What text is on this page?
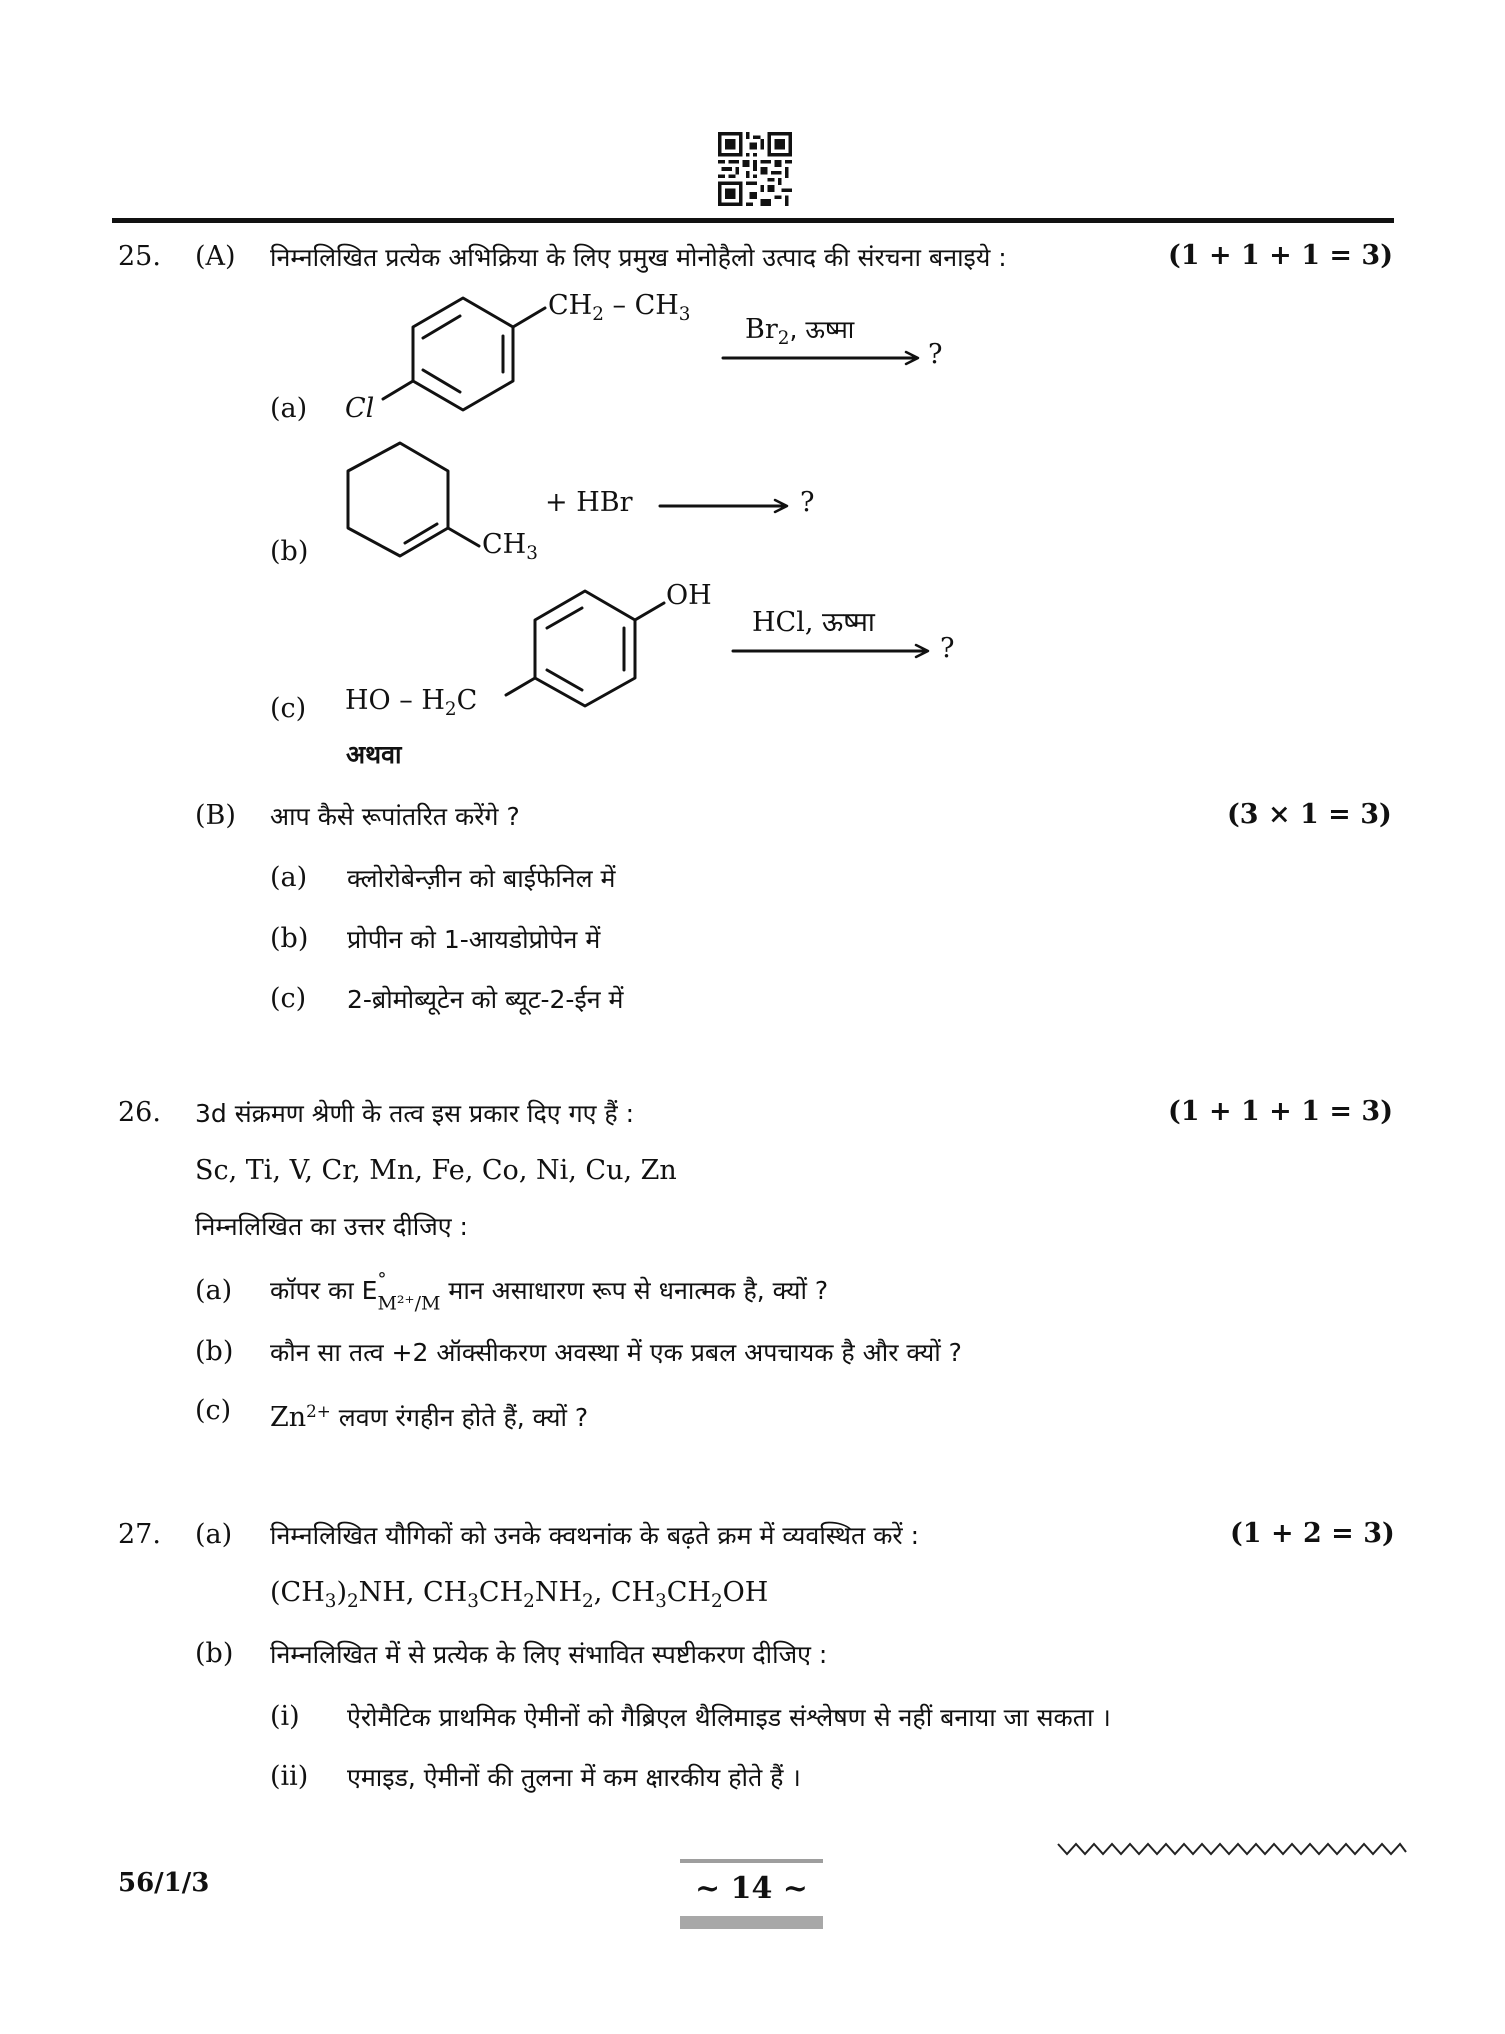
25. (A) निम्नलिखित प्रत्येक अभिक्रिया के लिए प्रमुख मोनोहैलो उत्पाद की संरचना बनाइये :	(1 + 1 + 1 = 3)
$CH_2 - CH_3$ $Br_2$, ऊष्मा
?
(a) Cl
+ HBr	?
$CH_3$
(b)
OH
HCl, ऊष्मा
?
(c) HO – $H_2C$
अथवा
(B) आप कैसे रूपांतरित करेंगे ?	(3 × 1 = 3)
(a) क्लोरोबेन्ज़ीन को बाईफेनिल में
(b) प्रोपीन को 1-आयडोप्रोपेन में
(c) 2-ब्रोमोब्यूटेन को ब्यूट-2-ईन में
26. 3d संक्रमण श्रेणी के तत्व इस प्रकार दिए गए हैं :	(1 + 1 + 1 = 3)
Sc, Ti, V, Cr, Mn, Fe, Co, Ni, Cu, Zn
निम्नलिखित का उत्तर दीजिए :
(a) कॉपर का E °
$_{M^{2+}/M}$ मान असाधारण रूप से धनात्मक है, क्यों ?
(b) कौन सा तत्व +2 ऑक्सीकरण अवस्था में एक प्रबल अपचायक है और क्यों ?
(c) $Zn^{2+}$ लवण रंगहीन होते हैं, क्यों ?
27. (a) निम्नलिखित यौगिकों को उनके क्वथनांक के बढ़ते क्रम में व्यवस्थित करें :	(1 + 2 = 3)
$(CH_3)_2NH$, $CH_3CH_2NH_2$, $CH_3CH_2OH$
(b) निम्नलिखित में से प्रत्येक के लिए संभावित स्पष्टीकरण दीजिए :
(i) ऐरोमैटिक प्राथमिक ऐमीनों को गैब्रिएल थैलिमाइड संश्लेषण से नहीं बनाया जा सकता ।
(ii) एमाइड, ऐमीनों की तुलना में कम क्षारकीय होते हैं ।
56/1/3	~ 14 ~
